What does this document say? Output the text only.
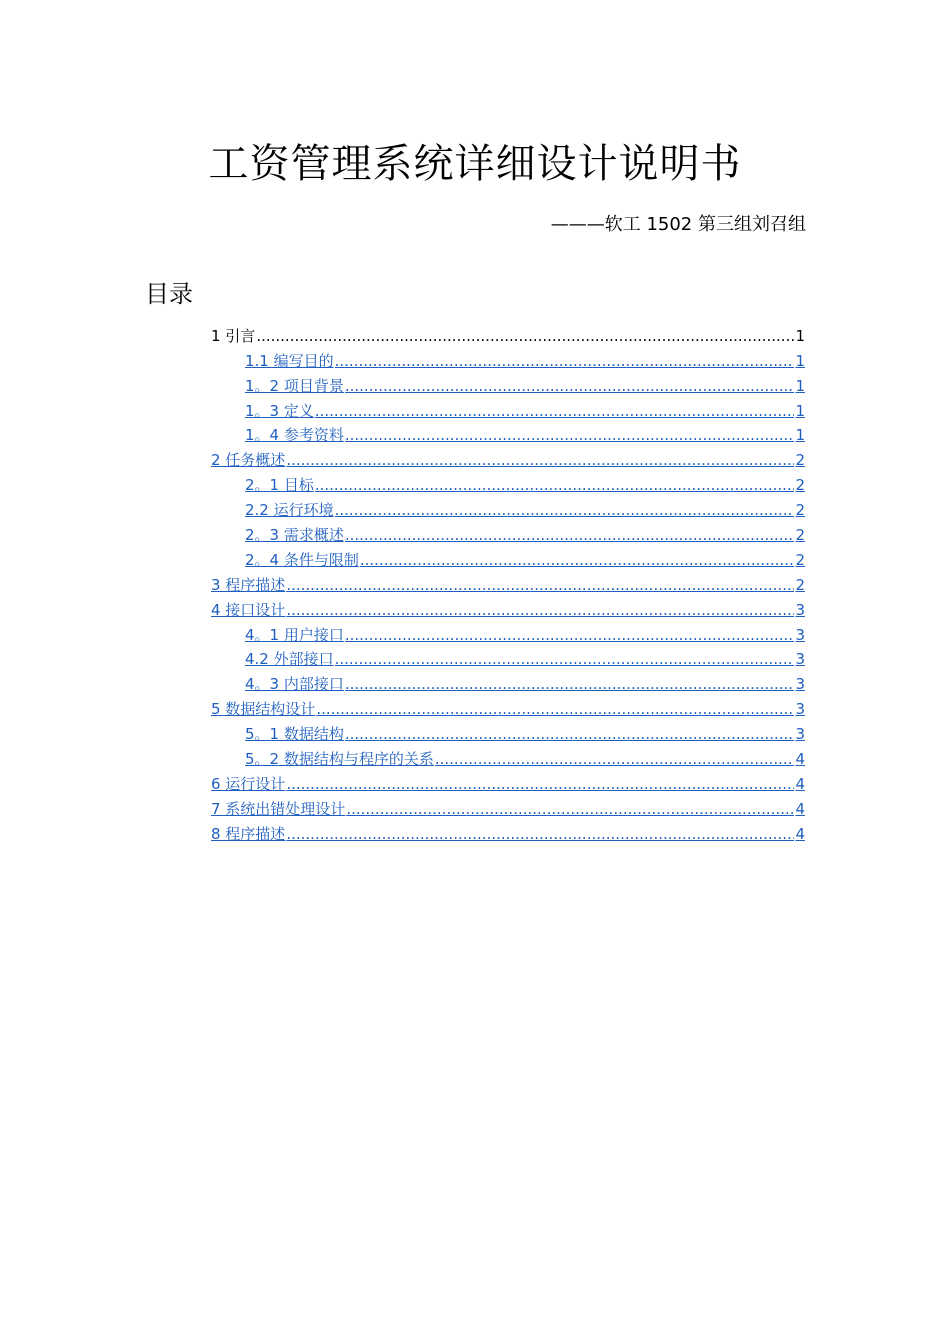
工资管理系统详细设计说明书
———软工 1502 第三组刘召组
目录
1 引言 .....	1
1.1 编写目的 .....	1
1。2 项目背景 .....	1
1。3 定义 .....	1
1。4 参考资料 .....	1
2 任务概述 .....	2
2。1 目标 .....	2
2.2 运行环境 .....	2
2。3 需求概述 .....	2
2。4 条件与限制 .....	2
3 程序描述 .....	2
4 接口设计 .....	3
4。1 用户接口 .....	3
4.2 外部接口 .....	3
4。3 内部接口 .....	3
5 数据结构设计 .....	3
5。1 数据结构 .....	3
5。2 数据结构与程序的关系 .....	4
6 运行设计 .....	4
7 系统出错处理设计 .....	4
8 程序描述 .....	4
